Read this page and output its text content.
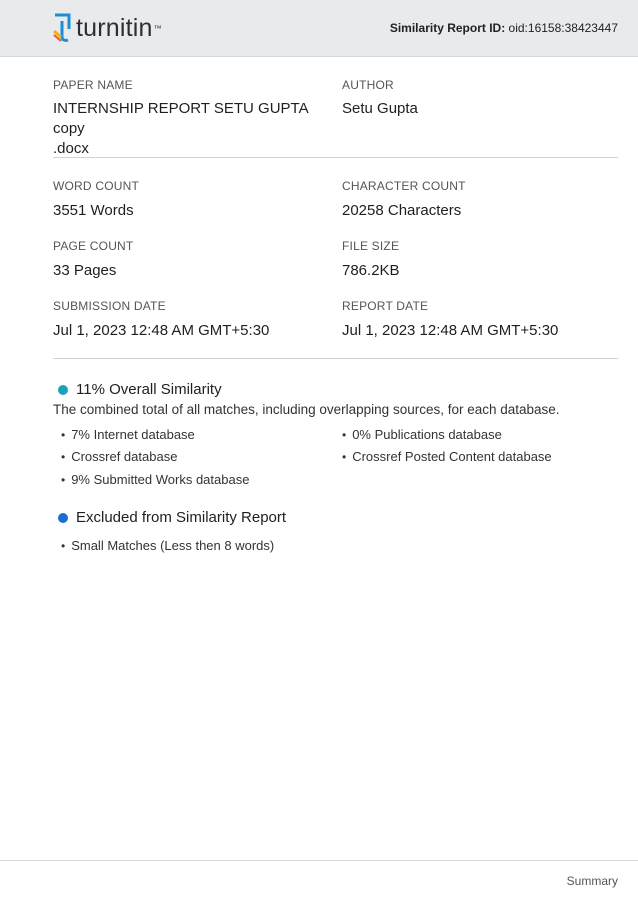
turnitin ™	Similarity Report ID: oid:16158:38423447
PAPER NAME
INTERNSHIP REPORT SETU GUPTA copy
.docx
AUTHOR
Setu Gupta
WORD COUNT
3551 Words
CHARACTER COUNT
20258 Characters
PAGE COUNT
33 Pages
FILE SIZE
786.2KB
SUBMISSION DATE
Jul 1, 2023 12:48 AM GMT+5:30
REPORT DATE
Jul 1, 2023 12:48 AM GMT+5:30
11% Overall Similarity
The combined total of all matches, including overlapping sources, for each database.
• 7% Internet database
• Crossref database
• 9% Submitted Works database
• 0% Publications database
• Crossref Posted Content database
Excluded from Similarity Report
• Small Matches (Less then 8 words)
Summary
